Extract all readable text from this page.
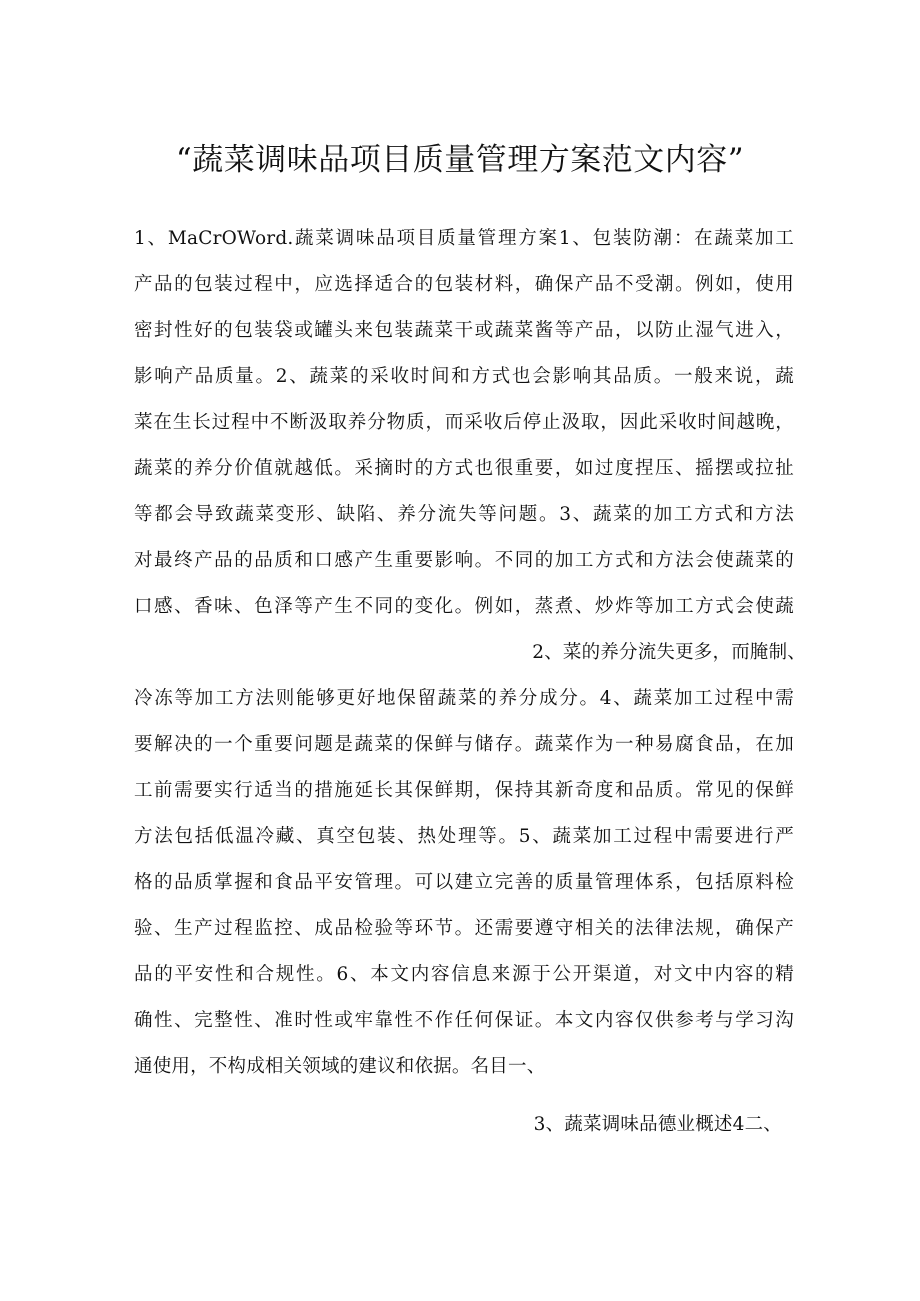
“蔬菜调味品项目质量管理方案范文内容”
1、MaCrOWord.蔬菜调味品项目质量管理方案1、包装防潮：在蔬菜加工
产品的包装过程中，应选择适合的包装材料，确保产品不受潮。例如，使用
密封性好的包装袋或罐头来包装蔬菜干或蔬菜酱等产品，以防止湿气进入，
影响产品质量。2、蔬菜的采收时间和方式也会影响其品质。一般来说，蔬
菜在生长过程中不断汲取养分物质，而采收后停止汲取，因此采收时间越晚，
蔬菜的养分价值就越低。采摘时的方式也很重要，如过度捏压、摇摆或拉扯
等都会导致蔬菜变形、缺陷、养分流失等问题。3、蔬菜的加工方式和方法
对最终产品的品质和口感产生重要影响。不同的加工方式和方法会使蔬菜的
口感、香味、色泽等产生不同的变化。例如，蒸煮、炒炸等加工方式会使蔬
2、菜的养分流失更多，而腌制、
冷冻等加工方法则能够更好地保留蔬菜的养分成分。4、蔬菜加工过程中需
要解决的一个重要问题是蔬菜的保鲜与储存。蔬菜作为一种易腐食品，在加
工前需要实行适当的措施延长其保鲜期，保持其新奇度和品质。常见的保鲜
方法包括低温冷藏、真空包装、热处理等。5、蔬菜加工过程中需要进行严
格的品质掌握和食品平安管理。可以建立完善的质量管理体系，包括原料检
验、生产过程监控、成品检验等环节。还需要遵守相关的法律法规，确保产
品的平安性和合规性。6、本文内容信息来源于公开渠道，对文中内容的精
确性、完整性、准时性或牢靠性不作任何保证。本文内容仅供参考与学习沟
通使用，不构成相关领域的建议和依据。名目一、
3、蔬菜调味品德业概述4二、
